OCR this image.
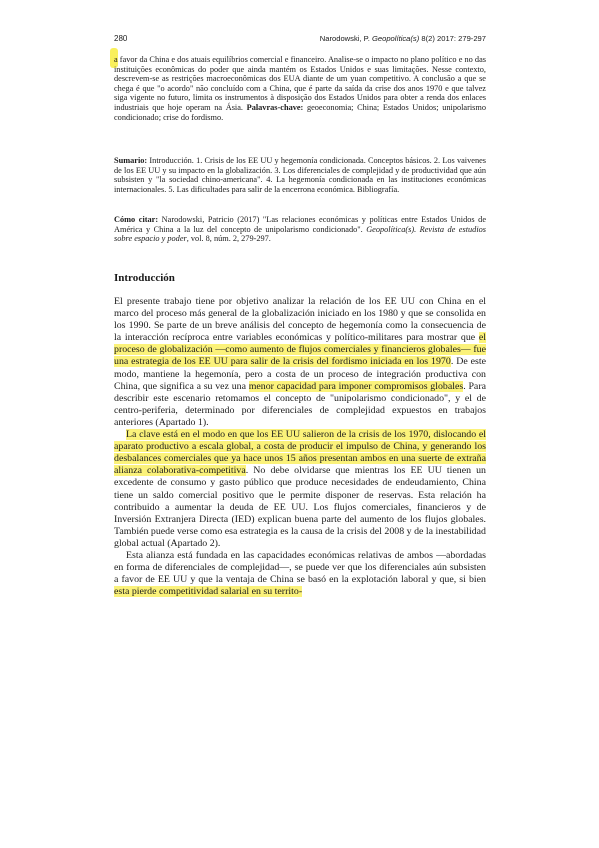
280	Narodowski, P. Geopolítica(s) 8(2) 2017: 279-297
a favor da China e dos atuais equilíbrios comercial e financeiro. Analise-se o impacto no plano político e no das instituições econômicas do poder que ainda mantém os Estados Unidos e suas limitações. Nesse contexto, descrevem-se as restrições macroeconômicas dos EUA diante de um yuan competitivo. A conclusão a que se chega é que "o acordo" não concluído com a China, que é parte da saída da crise dos anos 1970 e que talvez siga vigente no futuro, limita os instrumentos à disposição dos Estados Unidos para obter a renda dos enlaces industriais que hoje operam na Ásia. Palavras-chave: geoeconomia; China; Estados Unidos; unipolarismo condicionado; crise do fordismo.
Sumario: Introducción. 1. Crisis de los EE UU y hegemonía condicionada. Conceptos básicos. 2. Los vaivenes de los EE UU y su impacto en la globalización. 3. Los diferenciales de complejidad y de productividad que aún subsisten y "la sociedad chino-americana". 4. La hegemonía condicionada en las instituciones económicas internacionales. 5. Las dificultades para salir de la encerrona económica. Bibliografía.
Cómo citar: Narodowski, Patricio (2017) "Las relaciones económicas y políticas entre Estados Unidos de América y China a la luz del concepto de unipolarismo condicionado". Geopolítica(s). Revista de estudios sobre espacio y poder, vol. 8, núm. 2, 279-297.
Introducción

El presente trabajo tiene por objetivo analizar la relación de los EE UU con China en el marco del proceso más general de la globalización iniciado en los 1980 y que se consolida en los 1990. Se parte de un breve análisis del concepto de hegemonía como la consecuencia de la interacción recíproca entre variables económicas y político-militares para mostrar que el proceso de globalización —como aumento de flujos comerciales y financieros globales— fue una estrategia de los EE UU para salir de la crisis del fordismo iniciada en los 1970. De este modo, mantiene la hegemonía, pero a costa de un proceso de integración productiva con China, que significa a su vez una menor capacidad para imponer compromisos globales. Para describir este escenario retomamos el concepto de "unipolarismo condicionado", y el de centro-periferia, determinado por diferenciales de complejidad expuestos en trabajos anteriores (Apartado 1).

La clave está en el modo en que los EE UU salieron de la crisis de los 1970, dislocando el aparato productivo a escala global, a costa de producir el impulso de China, y generando los desbalances comerciales que ya hace unos 15 años presentan ambos en una suerte de extraña alianza colaborativa-competitiva. No debe olvidarse que mientras los EE UU tienen un excedente de consumo y gasto público que produce necesidades de endeudamiento, China tiene un saldo comercial positivo que le permite disponer de reservas. Esta relación ha contribuido a aumentar la deuda de EE UU. Los flujos comerciales, financieros y de Inversión Extranjera Directa (IED) explican buena parte del aumento de los flujos globales. También puede verse como esa estrategia es la causa de la crisis del 2008 y de la inestabilidad global actual (Apartado 2).

Esta alianza está fundada en las capacidades económicas relativas de ambos —abordadas en forma de diferenciales de complejidad—, se puede ver que los diferenciales aún subsisten a favor de EE UU y que la ventaja de China se basó en la explotación laboral y que, si bien esta pierde competitividad salarial en su territo-
